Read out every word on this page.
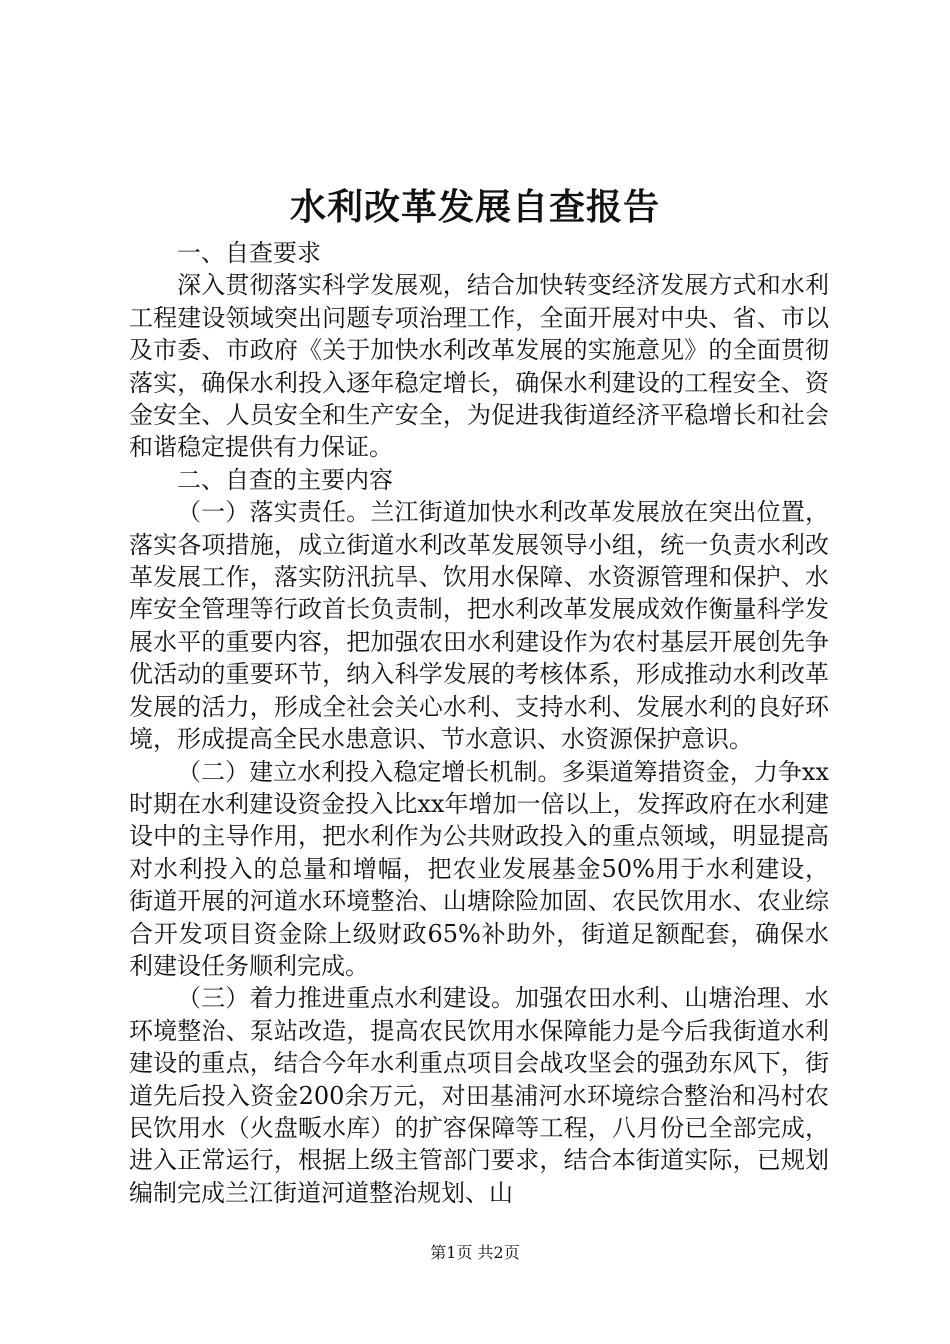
水利改革发展自查报告

一、自查要求

深入贯彻落实科学发展观，结合加快转变经济发展方式和水利工程建设领域突出问题专项治理工作，全面开展对中央、省、市以及市委、市政府《关于加快水利改革发展的实施意见》的全面贯彻落实，确保水利投入逐年稳定增长，确保水利建设的工程安全、资金安全、人员安全和生产安全，为促进我街道经济平稳增长和社会和谐稳定提供有力保证。

二、自查的主要内容

（一）落实责任。兰江街道加快水利改革发展放在突出位置，落实各项措施，成立街道水利改革发展领导小组，统一负责水利改革发展工作，落实防汛抗旱、饮用水保障、水资源管理和保护、水库安全管理等行政首长负责制，把水利改革发展成效作衡量科学发展水平的重要内容，把加强农田水利建设作为农村基层开展创先争优活动的重要环节，纳入科学发展的考核体系，形成推动水利改革发展的活力，形成全社会关心水利、支持水利、发展水利的良好环境，形成提高全民水患意识、节水意识、水资源保护意识。

（二）建立水利投入稳定增长机制。多渠道筹措资金，力争xx时期在水利建设资金投入比xx年增加一倍以上，发挥政府在水利建设中的主导作用，把水利作为公共财政投入的重点领域，明显提高对水利投入的总量和增幅，把农业发展基金50%用于水利建设，街道开展的河道水环境整治、山塘除险加固、农民饮用水、农业综合开发项目资金除上级财政65%补助外，街道足额配套，确保水利建设任务顺利完成。

（三）着力推进重点水利建设。加强农田水利、山塘治理、水环境整治、泵站改造，提高农民饮用水保障能力是今后我街道水利建设的重点，结合今年水利重点项目会战攻坚会的强劲东风下，街道先后投入资金200余万元，对田基浦河水环境综合整治和冯村农民饮用水（火盘畈水库）的扩容保障等工程，八月份已全部完成，进入正常运行，根据上级主管部门要求，结合本街道实际，已规划编制完成兰江街道河道整治规划、山

第1页 共2页
